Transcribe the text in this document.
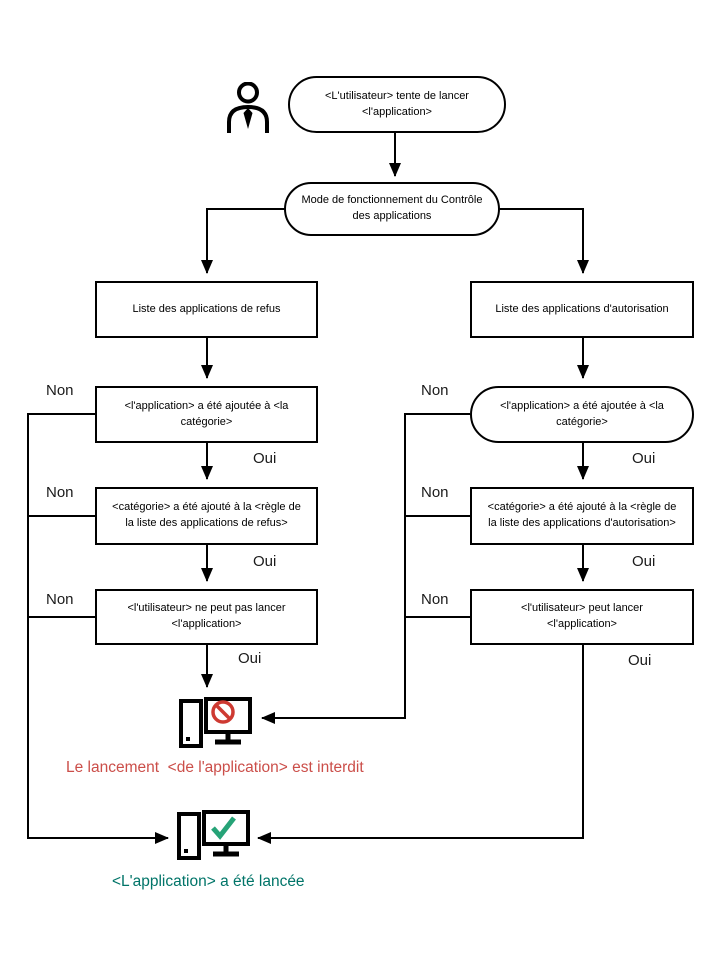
<L'utilisateur> tente de lancer <l'application>
Mode de fonctionnement du Contrôle des applications
Liste des applications de refus	Liste des applications d'autorisation
<l'application> a été ajoutée à <la catégorie>
<l'application> a été ajoutée à <la catégorie>
<catégorie> a été ajouté à la <règle de la liste des applications de refus>
<catégorie> a été ajouté à la <règle de la liste des applications d'autorisation>
<l'utilisateur> ne peut pas lancer <l'application>
<l'utilisateur> peut lancer <l'application>
Non
Non
Non
Non
Non
Non
Oui
Oui
Oui
Oui
Oui
Oui
Le lancement  <de l'application> est interdit
<L'application> a été lancée
